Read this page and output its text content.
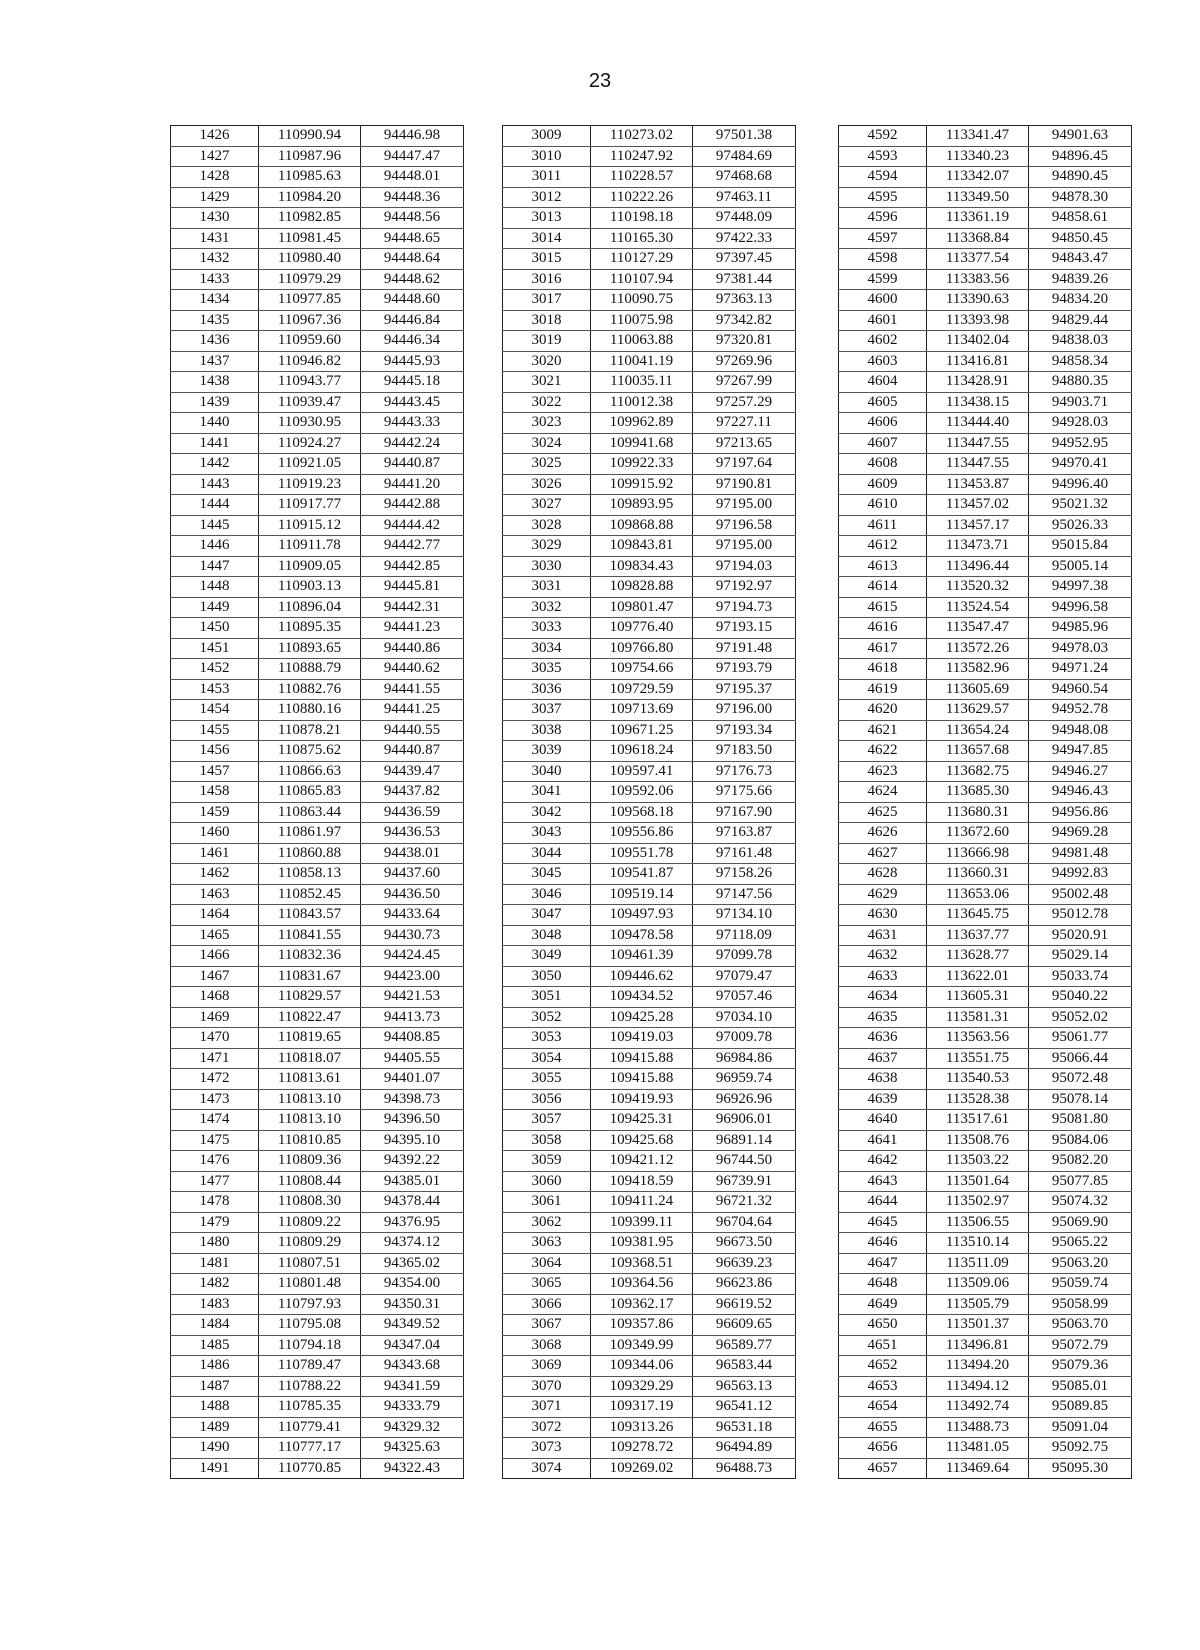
23
1426	110990.94	94446.98
1427	110987.96	94447.47
1428	110985.63	94448.01
1429	110984.20	94448.36
1430	110982.85	94448.56
1431	110981.45	94448.65
1432	110980.40	94448.64
1433	110979.29	94448.62
1434	110977.85	94448.60
1435	110967.36	94446.84
1436	110959.60	94446.34
1437	110946.82	94445.93
1438	110943.77	94445.18
1439	110939.47	94443.45
1440	110930.95	94443.33
1441	110924.27	94442.24
1442	110921.05	94440.87
1443	110919.23	94441.20
1444	110917.77	94442.88
1445	110915.12	94444.42
1446	110911.78	94442.77
1447	110909.05	94442.85
1448	110903.13	94445.81
1449	110896.04	94442.31
1450	110895.35	94441.23
1451	110893.65	94440.86
1452	110888.79	94440.62
1453	110882.76	94441.55
1454	110880.16	94441.25
1455	110878.21	94440.55
1456	110875.62	94440.87
1457	110866.63	94439.47
1458	110865.83	94437.82
1459	110863.44	94436.59
1460	110861.97	94436.53
1461	110860.88	94438.01
1462	110858.13	94437.60
1463	110852.45	94436.50
1464	110843.57	94433.64
1465	110841.55	94430.73
1466	110832.36	94424.45
1467	110831.67	94423.00
1468	110829.57	94421.53
1469	110822.47	94413.73
1470	110819.65	94408.85
1471	110818.07	94405.55
1472	110813.61	94401.07
1473	110813.10	94398.73
1474	110813.10	94396.50
1475	110810.85	94395.10
1476	110809.36	94392.22
1477	110808.44	94385.01
1478	110808.30	94378.44
1479	110809.22	94376.95
1480	110809.29	94374.12
1481	110807.51	94365.02
1482	110801.48	94354.00
1483	110797.93	94350.31
1484	110795.08	94349.52
1485	110794.18	94347.04
1486	110789.47	94343.68
1487	110788.22	94341.59
1488	110785.35	94333.79
1489	110779.41	94329.32
1490	110777.17	94325.63
1491	110770.85	94322.43
3009	110273.02	97501.38
3010	110247.92	97484.69
3011	110228.57	97468.68
3012	110222.26	97463.11
3013	110198.18	97448.09
3014	110165.30	97422.33
3015	110127.29	97397.45
3016	110107.94	97381.44
3017	110090.75	97363.13
3018	110075.98	97342.82
3019	110063.88	97320.81
3020	110041.19	97269.96
3021	110035.11	97267.99
3022	110012.38	97257.29
3023	109962.89	97227.11
3024	109941.68	97213.65
3025	109922.33	97197.64
3026	109915.92	97190.81
3027	109893.95	97195.00
3028	109868.88	97196.58
3029	109843.81	97195.00
3030	109834.43	97194.03
3031	109828.88	97192.97
3032	109801.47	97194.73
3033	109776.40	97193.15
3034	109766.80	97191.48
3035	109754.66	97193.79
3036	109729.59	97195.37
3037	109713.69	97196.00
3038	109671.25	97193.34
3039	109618.24	97183.50
3040	109597.41	97176.73
3041	109592.06	97175.66
3042	109568.18	97167.90
3043	109556.86	97163.87
3044	109551.78	97161.48
3045	109541.87	97158.26
3046	109519.14	97147.56
3047	109497.93	97134.10
3048	109478.58	97118.09
3049	109461.39	97099.78
3050	109446.62	97079.47
3051	109434.52	97057.46
3052	109425.28	97034.10
3053	109419.03	97009.78
3054	109415.88	96984.86
3055	109415.88	96959.74
3056	109419.93	96926.96
3057	109425.31	96906.01
3058	109425.68	96891.14
3059	109421.12	96744.50
3060	109418.59	96739.91
3061	109411.24	96721.32
3062	109399.11	96704.64
3063	109381.95	96673.50
3064	109368.51	96639.23
3065	109364.56	96623.86
3066	109362.17	96619.52
3067	109357.86	96609.65
3068	109349.99	96589.77
3069	109344.06	96583.44
3070	109329.29	96563.13
3071	109317.19	96541.12
3072	109313.26	96531.18
3073	109278.72	96494.89
3074	109269.02	96488.73
4592	113341.47	94901.63
4593	113340.23	94896.45
4594	113342.07	94890.45
4595	113349.50	94878.30
4596	113361.19	94858.61
4597	113368.84	94850.45
4598	113377.54	94843.47
4599	113383.56	94839.26
4600	113390.63	94834.20
4601	113393.98	94829.44
4602	113402.04	94838.03
4603	113416.81	94858.34
4604	113428.91	94880.35
4605	113438.15	94903.71
4606	113444.40	94928.03
4607	113447.55	94952.95
4608	113447.55	94970.41
4609	113453.87	94996.40
4610	113457.02	95021.32
4611	113457.17	95026.33
4612	113473.71	95015.84
4613	113496.44	95005.14
4614	113520.32	94997.38
4615	113524.54	94996.58
4616	113547.47	94985.96
4617	113572.26	94978.03
4618	113582.96	94971.24
4619	113605.69	94960.54
4620	113629.57	94952.78
4621	113654.24	94948.08
4622	113657.68	94947.85
4623	113682.75	94946.27
4624	113685.30	94946.43
4625	113680.31	94956.86
4626	113672.60	94969.28
4627	113666.98	94981.48
4628	113660.31	94992.83
4629	113653.06	95002.48
4630	113645.75	95012.78
4631	113637.77	95020.91
4632	113628.77	95029.14
4633	113622.01	95033.74
4634	113605.31	95040.22
4635	113581.31	95052.02
4636	113563.56	95061.77
4637	113551.75	95066.44
4638	113540.53	95072.48
4639	113528.38	95078.14
4640	113517.61	95081.80
4641	113508.76	95084.06
4642	113503.22	95082.20
4643	113501.64	95077.85
4644	113502.97	95074.32
4645	113506.55	95069.90
4646	113510.14	95065.22
4647	113511.09	95063.20
4648	113509.06	95059.74
4649	113505.79	95058.99
4650	113501.37	95063.70
4651	113496.81	95072.79
4652	113494.20	95079.36
4653	113494.12	95085.01
4654	113492.74	95089.85
4655	113488.73	95091.04
4656	113481.05	95092.75
4657	113469.64	95095.30
